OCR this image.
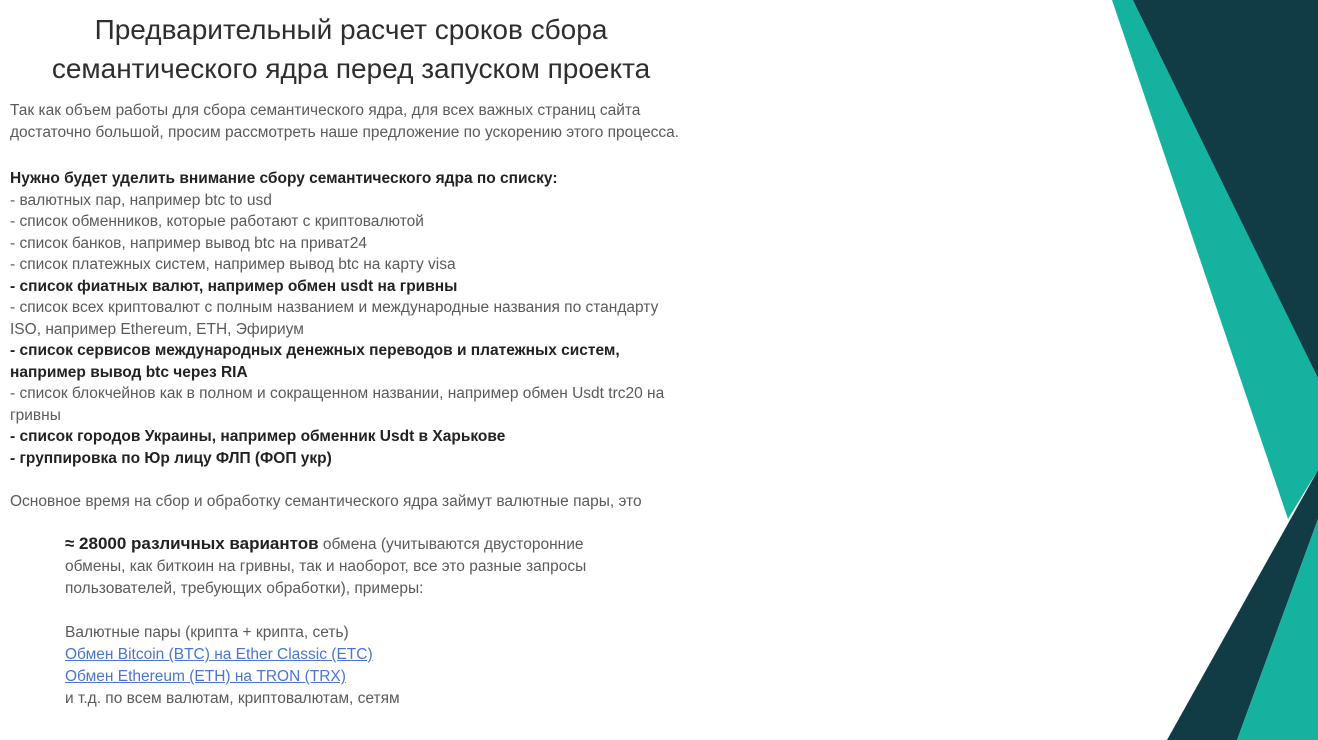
Предварительный расчет сроков сбора
семантического ядра перед запуском проекта

Так как объем работы для сбора семантического ядра, для всех важных страниц сайта достаточно большой, просим рассмотреть наше предложение по ускорению этого процесса.

Нужно будет уделить внимание сбору семантического ядра по списку:

- валютных пар, например btc to usd

- список обменников, которые работают с криптовалютой

- список банков, например вывод btc на приват24

- список платежных систем, например вывод btc на карту visa

- список фиатных валют, например обмен usdt на гривны

- список всех криптовалют с полным названием и международные названия по стандарту ISO, например Ethereum, ETH, Эфириум

- список сервисов международных денежных переводов и платежных систем, например вывод btc через RIA

- список блокчейнов как в полном и сокращенном названии, например обмен Usdt trc20 на гривны

- список городов Украины, например обменник Usdt в Харькове

- группировка по Юр лицу ФЛП (ФОП укр)

Основное время на сбор и обработку семантического ядра займут валютные пары, это

≈ 28000 различных вариантов обмена (учитываются двусторонние обмены, как биткоин на гривны, так и наоборот, все это разные запросы пользователей, требующих обработки), примеры:

Валютные пары (крипта + крипта, сеть)

Обмен Bitcoin (BTC) на Ether Classic (ETC)
Обмен Ethereum (ETH) на TRON (TRX)

и т.д. по всем валютам, криптовалютам, сетям
